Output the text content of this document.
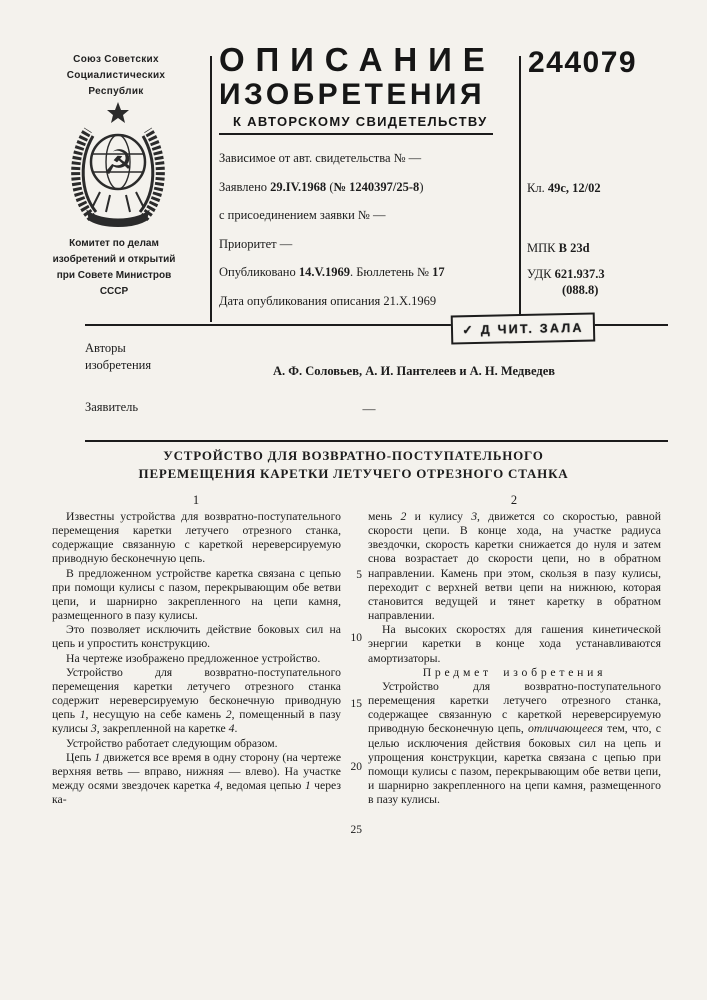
Союз Советских
Социалистических
Республик
☭
Комитет по делам
изобретений и открытий
при Совете Министров
СССР
ОПИСАНИЕ
ИЗОБРЕТЕНИЯ
К АВТОРСКОМУ СВИДЕТЕЛЬСТВУ
244079
Зависимое от авт. свидетельства № —
Заявлено 29.IV.1968 (№ 1240397/25-8)
с присоединением заявки № —
Приоритет —
Опубликовано 14.V.1969. Бюллетень № 17
Дата опубликования описания 21.X.1969
Кл. 49c, 12/02
МПК B 23d
УДК 621.937.3
(088.8)
✓ Д ЧИТ. ЗАЛА
Авторы
изобретения	А. Ф. Соловьев, А. И. Пантелеев и А. Н. Медведев
Заявитель	—
УСТРОЙСТВО ДЛЯ ВОЗВРАТНО-ПОСТУПАТЕЛЬНОГО
ПЕРЕМЕЩЕНИЯ КАРЕТКИ ЛЕТУЧЕГО ОТРЕЗНОГО СТАНКА
1	2

Известны устройства для возвратно-поступательного перемещения каретки летучего отрезного станка, содержащие связанную с кареткой нереверсируемую приводную бесконечную цепь.

В предложенном устройстве каретка связана с цепью при помощи кулисы с пазом, перекрывающим обе ветви цепи, и шарнирно закрепленного на цепи камня, размещенного в пазу кулисы.

Это позволяет исключить действие боковых сил на цепь и упростить конструкцию.

На чертеже изображено предложенное устройство.

Устройство для возвратно-поступательного перемещения каретки летучего отрезного станка содержит нереверсируемую бесконечную приводную цепь 1, несущую на себе камень 2, помещенный в пазу кулисы 3, закрепленной на каретке 4.

Устройство работает следующим образом.

Цепь 1 движется все время в одну сторону (на чертеже верхняя ветвь — вправо, нижняя — влево). На участке между осями звездочек каретка 4, ведомая цепью 1 через ка-

мень 2 и кулису 3, движется со скоростью, равной скорости цепи. В конце хода, на участке радиуса звездочки, скорость каретки снижается до нуля и затем снова возрастает до скорости цепи, но в обратном направлении. Камень при этом, скользя в пазу кулисы, переходит с верхней ветви цепи на нижнюю, которая становится ведущей и тянет каретку в обратном направлении.

На высоких скоростях для гашения кинетической энергии каретки в конце хода устанавливаются амортизаторы.

Предмет изобретения

Устройство для возвратно-поступательного перемещения каретки летучего отрезного станка, содержащее связанную с кареткой нереверсируемую приводную бесконечную цепь, отличающееся тем, что, с целью исключения действия боковых сил на цепь и упрощения конструкции, каретка связана с цепью при помощи кулисы с пазом, перекрывающим обе ветви цепи, и шарнирно закрепленного на цепи камня, размещенного в пазу кулисы.

5
10
15
20
25
